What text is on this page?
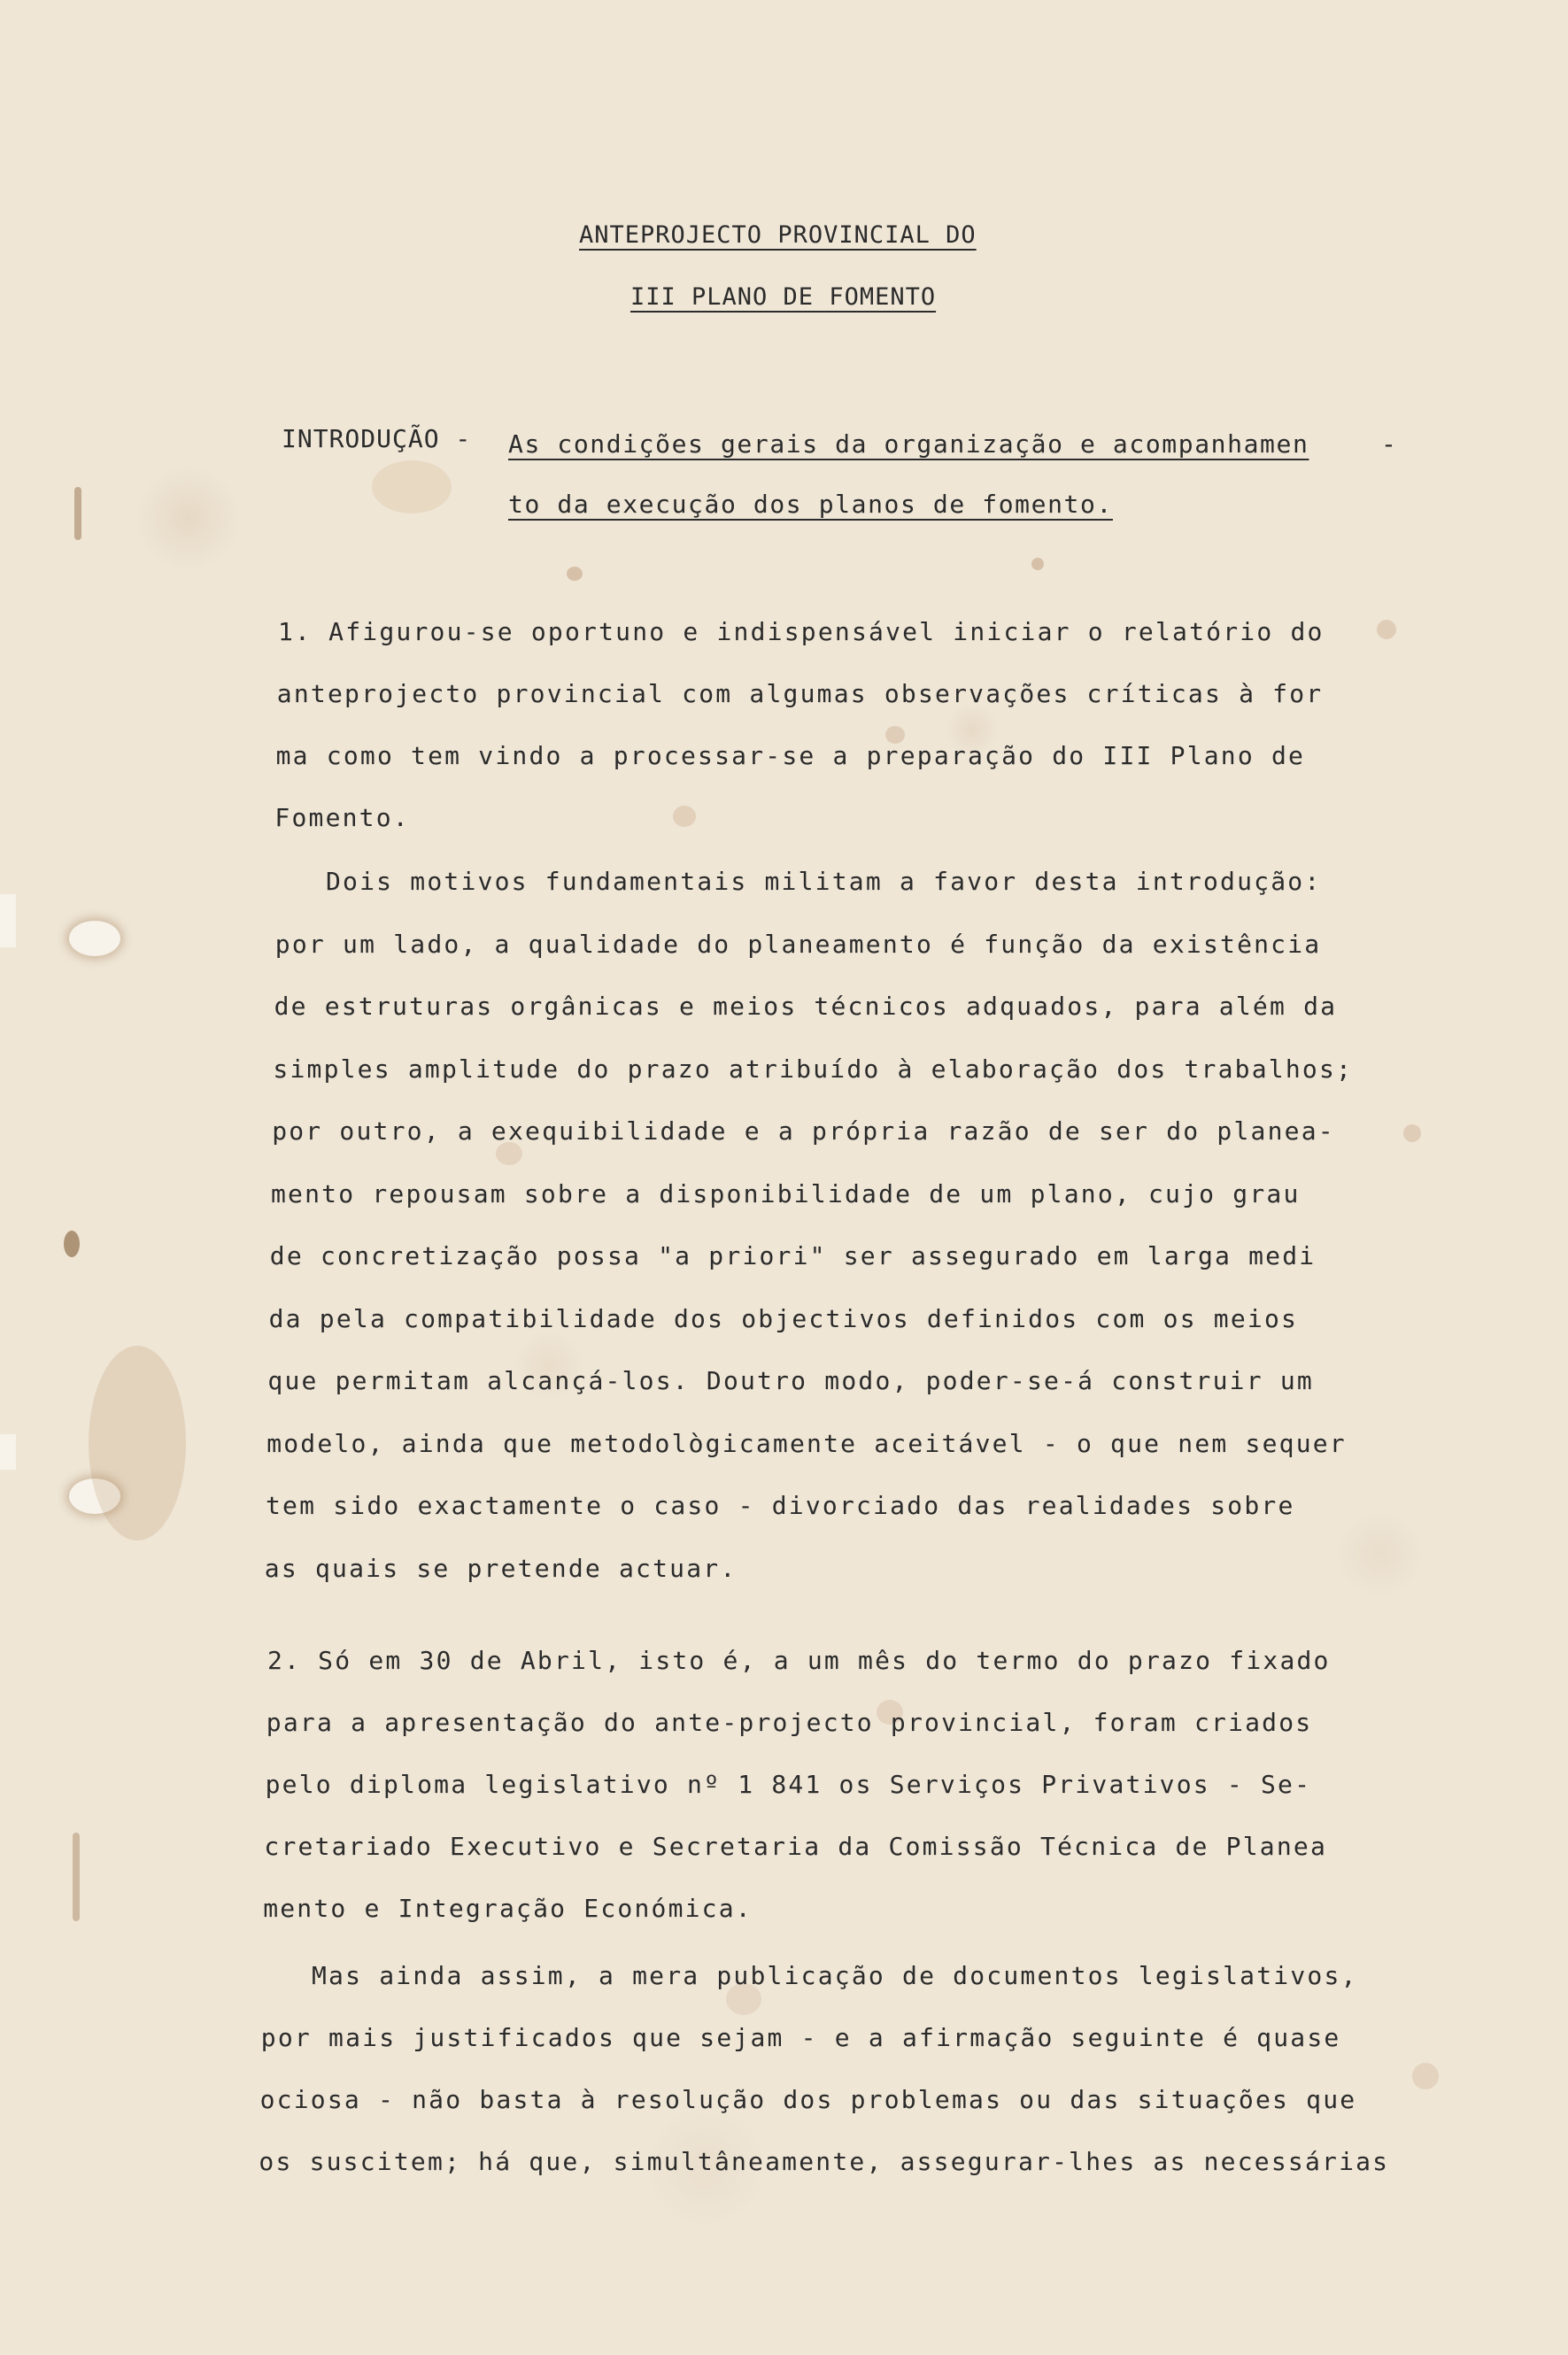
ANTEPROJECTO PROVINCIAL DO
III PLANO DE FOMENTO
INTRODUÇÃO - As condições gerais da organização e acompanhamen	-
to da execução dos planos de fomento.
1. Afigurou-se oportuno e indispensável iniciar o relatório do
anteprojecto provincial com algumas observações críticas à for
ma como tem vindo a processar-se a preparação do III Plano de
Fomento.
Dois motivos fundamentais militam a favor desta introdução:
por um lado, a qualidade do planeamento é função da existência
de estruturas orgânicas e meios técnicos adquados, para além da
simples amplitude do prazo atribuído à elaboração dos trabalhos;
por outro, a exequibilidade e a própria razão de ser do planea-
mento repousam sobre a disponibilidade de um plano, cujo grau
de concretização possa "a priori" ser assegurado em larga medi
da pela compatibilidade dos objectivos definidos com os meios
que permitam alcançá-los. Doutro modo, poder-se-á construir um
modelo, ainda que metodològicamente aceitável - o que nem sequer
tem sido exactamente o caso - divorciado das realidades sobre
as quais se pretende actuar.
2. Só em 30 de Abril, isto é, a um mês do termo do prazo fixado
para a apresentação do ante-projecto provincial, foram criados
pelo diploma legislativo nº 1 841 os Serviços Privativos - Se-
cretariado Executivo e Secretaria da Comissão Técnica de Planea
mento e Integração Económica.
Mas ainda assim, a mera publicação de documentos legislativos,
por mais justificados que sejam - e a afirmação seguinte é quase
ociosa - não basta à resolução dos problemas ou das situações que
os suscitem; há que, simultâneamente, assegurar-lhes as necessárias
